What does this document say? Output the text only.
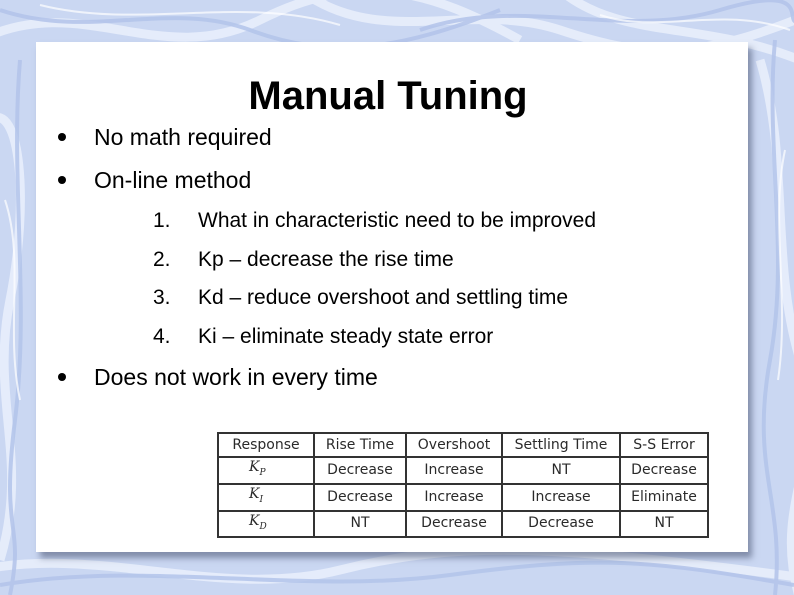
Manual Tuning
No math required
On-line method
1. What in characteristic need to be improved
2. Kp – decrease the rise time
3. Kd – reduce overshoot and settling time
4. Ki – eliminate steady state error
Does not work in every time
Response	Rise Time	Overshoot	Settling Time	S-S Error
$K_P$	Decrease	Increase	NT	Decrease
$K_I$	Decrease	Increase	Increase	Eliminate
$K_D$	NT	Decrease	Decrease	NT
